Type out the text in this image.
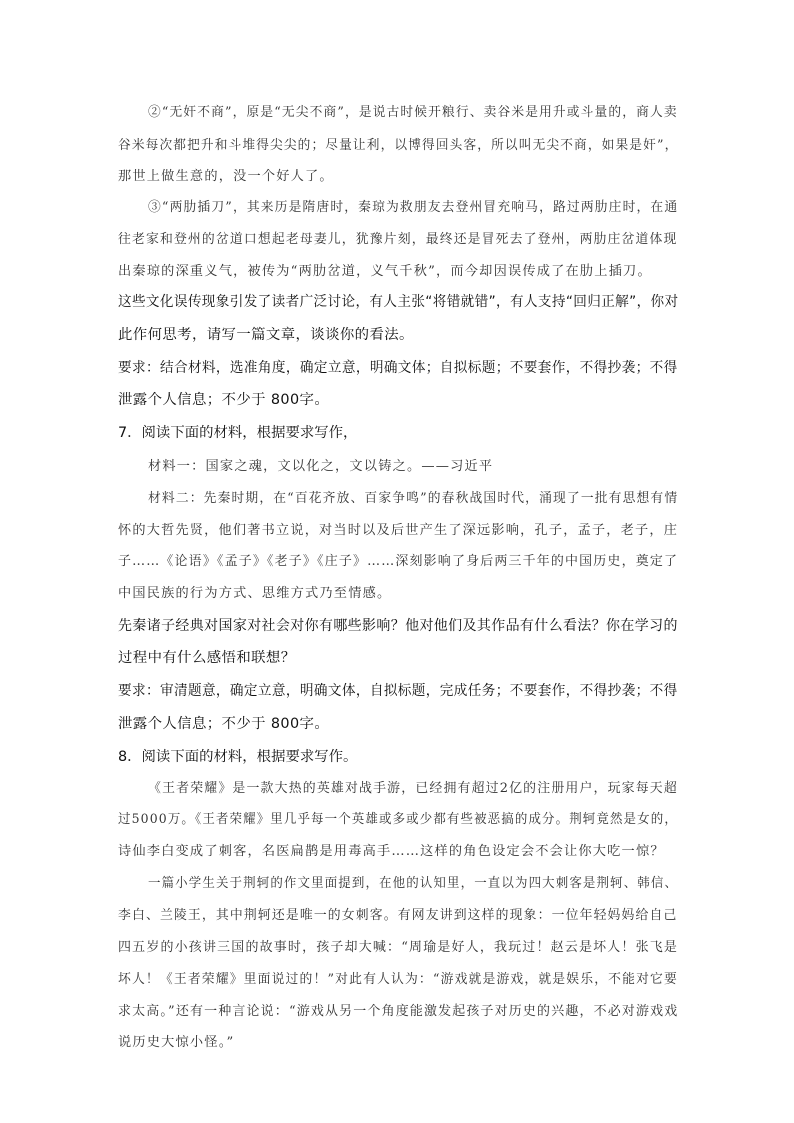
②“无奸不商”，原是“无尖不商”，是说古时候开粮行、卖谷米是用升或斗量的，商人卖
谷米每次都把升和斗堆得尖尖的；尽量让利，以博得回头客，所以叫无尖不商，如果是奸”，
那世上做生意的，没一个好人了。
③“两肋插刀”，其来历是隋唐时，秦琼为救朋友去登州冒充响马，路过两肋庄时，在通
往老家和登州的岔道口想起老母妻儿，犹豫片刻，最终还是冒死去了登州，两肋庄岔道体现
出秦琼的深重义气，被传为“两肋岔道，义气千秋”，而今却因误传成了在肋上插刀。
这些文化误传现象引发了读者广泛讨论，有人主张“将错就错”，有人支持“回归正解”，你对
此作何思考，请写一篇文章，谈谈你的看法。
要求：结合材料，选准角度，确定立意，明确文体；自拟标题；不要套作，不得抄袭；不得
泄露个人信息；不少于 800字。
7．阅读下面的材料，根据要求写作，
材料一：国家之魂，文以化之，文以铸之。——习近平
材料二：先秦时期，在“百花齐放、百家争鸣”的春秋战国时代，涌现了一批有思想有情
怀的大哲先贤，他们著书立说，对当时以及后世产生了深远影响，孔子，孟子，老子，庄
子……《论语》《孟子》《老子》《庄子》……深刻影响了身后两三千年的中国历史，奠定了
中国民族的行为方式、思维方式乃至情感。
先秦诸子经典对国家对社会对你有哪些影响？他对他们及其作品有什么看法？你在学习的
过程中有什么感悟和联想？
要求：审清题意，确定立意，明确文体，自拟标题，完成任务；不要套作，不得抄袭；不得
泄露个人信息；不少于 800字。
8．阅读下面的材料，根据要求写作。
《王者荣耀》是一款大热的英雄对战手游，已经拥有超过2亿的注册用户，玩家每天超
过5000万。《王者荣耀》里几乎每一个英雄或多或少都有些被恶搞的成分。荆轲竟然是女的，
诗仙李白变成了刺客，名医扁鹊是用毒高手……这样的角色设定会不会让你大吃一惊？
一篇小学生关于荆轲的作文里面提到，在他的认知里，一直以为四大刺客是荆轲、韩信、
李白、兰陵王，其中荆轲还是唯一的女刺客。有网友讲到这样的现象：一位年轻妈妈给自己
四五岁的小孩讲三国的故事时，孩子却大喊：“周瑜是好人，我玩过！赵云是坏人！张飞是
坏人！《王者荣耀》里面说过的！”对此有人认为：“游戏就是游戏，就是娱乐，不能对它要
求太高。”还有一种言论说：“游戏从另一个角度能激发起孩子对历史的兴趣，不必对游戏戏
说历史大惊小怪。”
